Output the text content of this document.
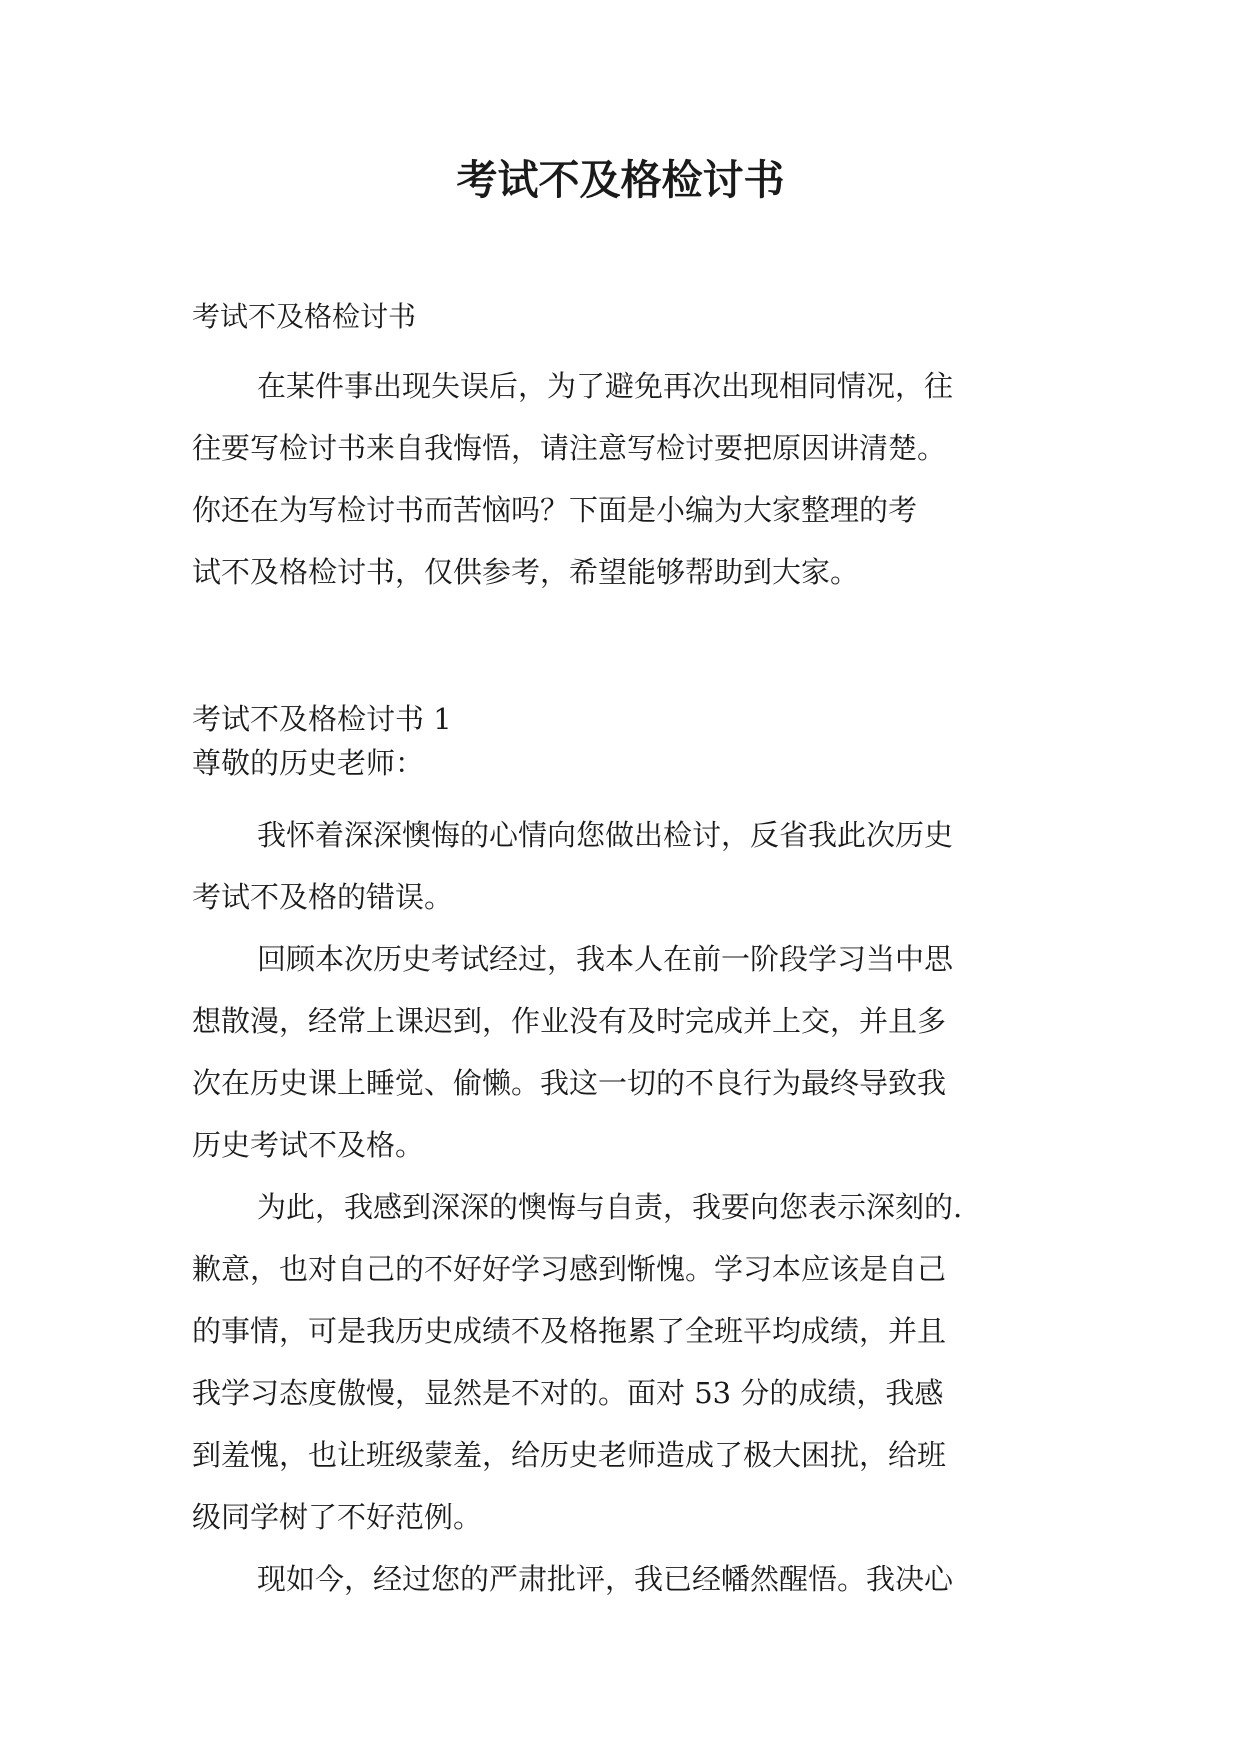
考试不及格检讨书

考试不及格检讨书

在某件事出现失误后，为了避免再次出现相同情况，往
往要写检讨书来自我悔悟，请注意写检讨要把原因讲清楚。
你还在为写检讨书而苦恼吗？下面是小编为大家整理的考
试不及格检讨书，仅供参考，希望能够帮助到大家。
考试不及格检讨书 1
尊敬的历史老师：
我怀着深深懊悔的心情向您做出检讨，反省我此次历史
考试不及格的错误。
回顾本次历史考试经过，我本人在前一阶段学习当中思
想散漫，经常上课迟到，作业没有及时完成并上交，并且多
次在历史课上睡觉、偷懒。我这一切的不良行为最终导致我
历史考试不及格。
为此，我感到深深的懊悔与自责，我要向您表示深刻的.
歉意，也对自己的不好好学习感到惭愧。学习本应该是自己
的事情，可是我历史成绩不及格拖累了全班平均成绩，并且
我学习态度傲慢，显然是不对的。面对 53 分的成绩，我感
到羞愧，也让班级蒙羞，给历史老师造成了极大困扰，给班
级同学树了不好范例。
现如今，经过您的严肃批评，我已经幡然醒悟。我决心
